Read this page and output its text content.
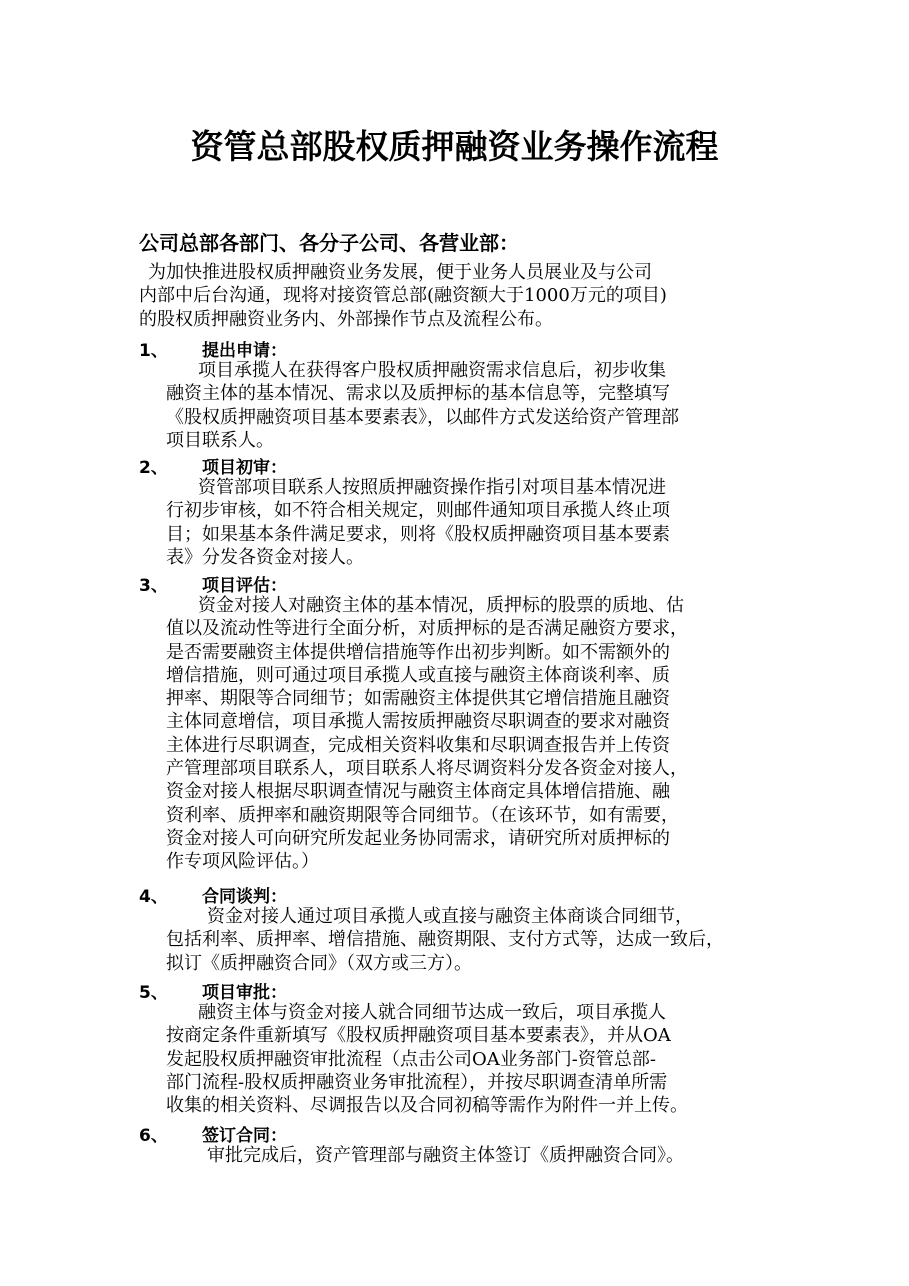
资管总部股权质押融资业务操作流程
公司总部各部门、各分子公司、各营业部：
为加快推进股权质押融资业务发展，便于业务人员展业及与公司
内部中后台沟通，现将对接资管总部(融资额大于1000万元的项目)
的股权质押融资业务内、外部操作节点及流程公布。
1、 提出申请：
项目承揽人在获得客户股权质押融资需求信息后，初步收集
融资主体的基本情况、需求以及质押标的基本信息等，完整填写
《股权质押融资项目基本要素表》，以邮件方式发送给资产管理部
项目联系人。
2、 项目初审：
资管部项目联系人按照质押融资操作指引对项目基本情况进
行初步审核，如不符合相关规定，则邮件通知项目承揽人终止项
目；如果基本条件满足要求，则将《股权质押融资项目基本要素
表》分发各资金对接人。
3、 项目评估：
资金对接人对融资主体的基本情况，质押标的股票的质地、估
值以及流动性等进行全面分析，对质押标的是否满足融资方要求，
是否需要融资主体提供增信措施等作出初步判断。如不需额外的
增信措施，则可通过项目承揽人或直接与融资主体商谈利率、质
押率、期限等合同细节；如需融资主体提供其它增信措施且融资
主体同意增信，项目承揽人需按质押融资尽职调查的要求对融资
主体进行尽职调查，完成相关资料收集和尽职调查报告并上传资
产管理部项目联系人，项目联系人将尽调资料分发各资金对接人，
资金对接人根据尽职调查情况与融资主体商定具体增信措施、融
资利率、质押率和融资期限等合同细节。（在该环节，如有需要，
资金对接人可向研究所发起业务协同需求，请研究所对质押标的
作专项风险评估。）
4、 合同谈判：
资金对接人通过项目承揽人或直接与融资主体商谈合同细节，
包括利率、质押率、增信措施、融资期限、支付方式等，达成一致后，
拟订《质押融资合同》（双方或三方）。
5、 项目审批：
融资主体与资金对接人就合同细节达成一致后，项目承揽人
按商定条件重新填写《股权质押融资项目基本要素表》，并从OA
发起股权质押融资审批流程（点击公司OA业务部门-资管总部-
部门流程-股权质押融资业务审批流程），并按尽职调查清单所需
收集的相关资料、尽调报告以及合同初稿等需作为附件一并上传。
6、 签订合同：
审批完成后，资产管理部与融资主体签订《质押融资合同》。
